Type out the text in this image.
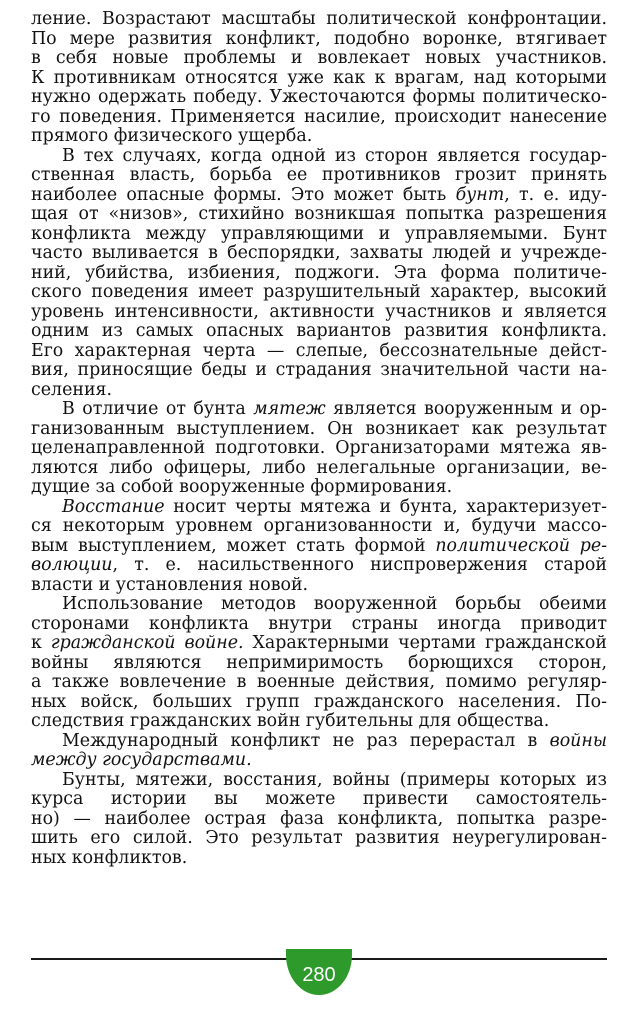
ление. Возрастают масштабы политической конфронтации.
По мере развития конфликт, подобно воронке, втягивает
в себя новые проблемы и вовлекает новых участников.
К противникам относятся уже как к врагам, над которыми
нужно одержать победу. Ужесточаются формы политическо-
го поведения. Применяется насилие, происходит нанесение
прямого физического ущерба.
В тех случаях, когда одной из сторон является государ-
ственная власть, борьба ее противников грозит принять
наиболее опасные формы. Это может быть бунт, т. е. иду-
щая от «низов», стихийно возникшая попытка разрешения
конфликта между управляющими и управляемыми. Бунт
часто выливается в беспорядки, захваты людей и учрежде-
ний, убийства, избиения, поджоги. Эта форма политиче-
ского поведения имеет разрушительный характер, высокий
уровень интенсивности, активности участников и является
одним из самых опасных вариантов развития конфликта.
Его характерная черта — слепые, бессознательные дейст-
вия, приносящие беды и страдания значительной части на-
селения.
В отличие от бунта мятеж является вооруженным и ор-
ганизованным выступлением. Он возникает как результат
целенаправленной подготовки. Организаторами мятежа яв-
ляются либо офицеры, либо нелегальные организации, ве-
дущие за собой вооруженные формирования.
Восстание носит черты мятежа и бунта, характеризует-
ся некоторым уровнем организованности и, будучи массо-
вым выступлением, может стать формой политической ре-
волюции, т. е. насильственного ниспровержения старой
власти и установления новой.
Использование методов вооруженной борьбы обеими
сторонами конфликта внутри страны иногда приводит
к гражданской войне. Характерными чертами гражданской
войны являются непримиримость борющихся сторон,
а также вовлечение в военные действия, помимо регуляр-
ных войск, больших групп гражданского населения. По-
следствия гражданских войн губительны для общества.
Международный конфликт не раз перерастал в войны
между государствами.
Бунты, мятежи, восстания, войны (примеры которых из
курса истории вы можете привести самостоятель-
но) — наиболее острая фаза конфликта, попытка разре-
шить его силой. Это результат развития неурегулирован-
ных конфликтов.
280
